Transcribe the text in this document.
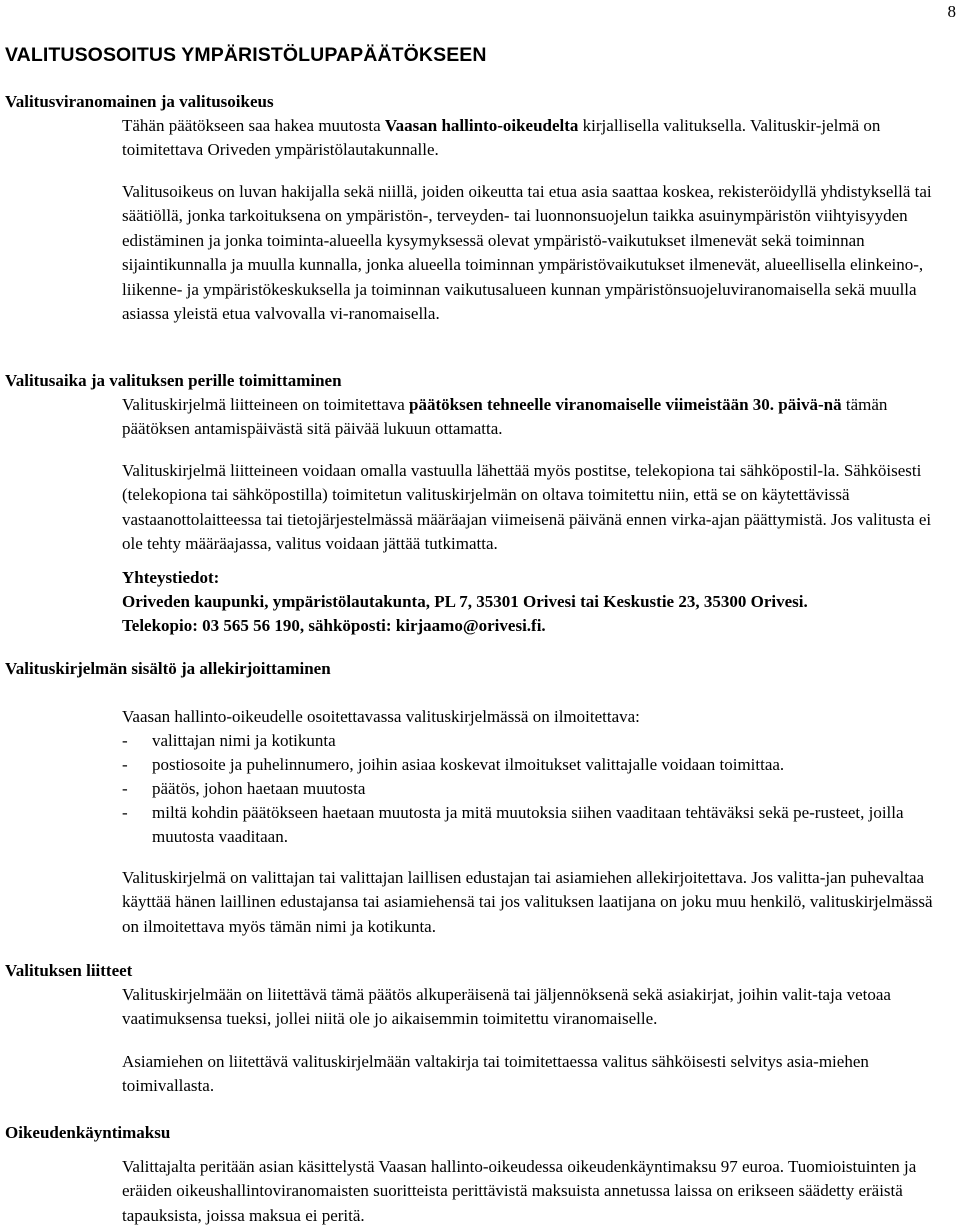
8
VALITUSOSOITUS YMPÄRISTÖLUPAPÄÄTÖKSEEN
Valitusviranomainen ja valitusoikeus
Tähän päätökseen saa hakea muutosta Vaasan hallinto-oikeudelta kirjallisella valituksella. Valituskir-jelmä on toimitettava Oriveden ympäristölautakunnalle.
Valitusoikeus on luvan hakijalla sekä niillä, joiden oikeutta tai etua asia saattaa koskea, rekisteröidyllä yhdistyksellä tai säätiöllä, jonka tarkoituksena on ympäristön-, terveyden- tai luonnonsuojelun taikka asuinympäristön viihtyisyyden edistäminen ja jonka toiminta-alueella kysymyksessä olevat ympäristö-vaikutukset ilmenevät sekä toiminnan sijaintikunnalla ja muulla kunnalla, jonka alueella toiminnan ympäristövaikutukset ilmenevät, alueellisella elinkeino-, liikenne- ja ympäristökeskuksella ja toiminnan vaikutusalueen kunnan ympäristönsuojeluviranomaisella sekä muulla asiassa yleistä etua valvovalla vi-ranomaisella.
Valitusaika ja valituksen perille toimittaminen
Valituskirjelmä liitteineen on toimitettava päätöksen tehneelle viranomaiselle viimeistään 30. päivä-nä tämän päätöksen antamispäivästä sitä päivää lukuun ottamatta.
Valituskirjelmä liitteineen voidaan omalla vastuulla lähettää myös postitse, telekopiona tai sähköpostil-la. Sähköisesti (telekopiona tai sähköpostilla) toimitetun valituskirjelmän on oltava toimitettu niin, että se on käytettävissä vastaanottolaitteessa tai tietojärjestelmässä määräajan viimeisenä päivänä ennen virka-ajan päättymistä. Jos valitusta ei ole tehty määräajassa, valitus voidaan jättää tutkimatta.
Yhteystiedot:
Oriveden kaupunki, ympäristölautakunta, PL 7, 35301 Orivesi tai Keskustie 23, 35300 Orivesi.
Telekopio: 03 565 56 190, sähköposti: kirjaamo@orivesi.fi.
Valituskirjelmän sisältö ja allekirjoittaminen
Vaasan hallinto-oikeudelle osoitettavassa valituskirjelmässä on ilmoitettava:
-	valittajan nimi ja kotikunta
-	postiosoite ja puhelinnumero, joihin asiaa koskevat ilmoitukset valittajalle voidaan toimittaa.
-	päätös, johon haetaan muutosta
-	miltä kohdin päätökseen haetaan muutosta ja mitä muutoksia siihen vaaditaan tehtäväksi sekä pe-rusteet, joilla muutosta vaaditaan.
Valituskirjelmä on valittajan tai valittajan laillisen edustajan tai asiamiehen allekirjoitettava. Jos valitta-jan puhevaltaa käyttää hänen laillinen edustajansa tai asiamiehensä tai jos valituksen laatijana on joku muu henkilö, valituskirjelmässä on ilmoitettava myös tämän nimi ja kotikunta.
Valituksen liitteet
Valituskirjelmään on liitettävä tämä päätös alkuperäisenä tai jäljennöksenä sekä asiakirjat, joihin valit-taja vetoaa vaatimuksensa tueksi, jollei niitä ole jo aikaisemmin toimitettu viranomaiselle.
Asiamiehen on liitettävä valituskirjelmään valtakirja tai toimitettaessa valitus sähköisesti selvitys asia-miehen toimivallasta.
Oikeudenkäyntimaksu
Valittajalta peritään asian käsittelystä Vaasan hallinto-oikeudessa oikeudenkäyntimaksu 97 euroa. Tuomioistuinten ja eräiden oikeushallintoviranomaisten suoritteista perittävistä maksuista annetussa laissa on erikseen säädetty eräistä tapauksista, joissa maksua ei peritä.
